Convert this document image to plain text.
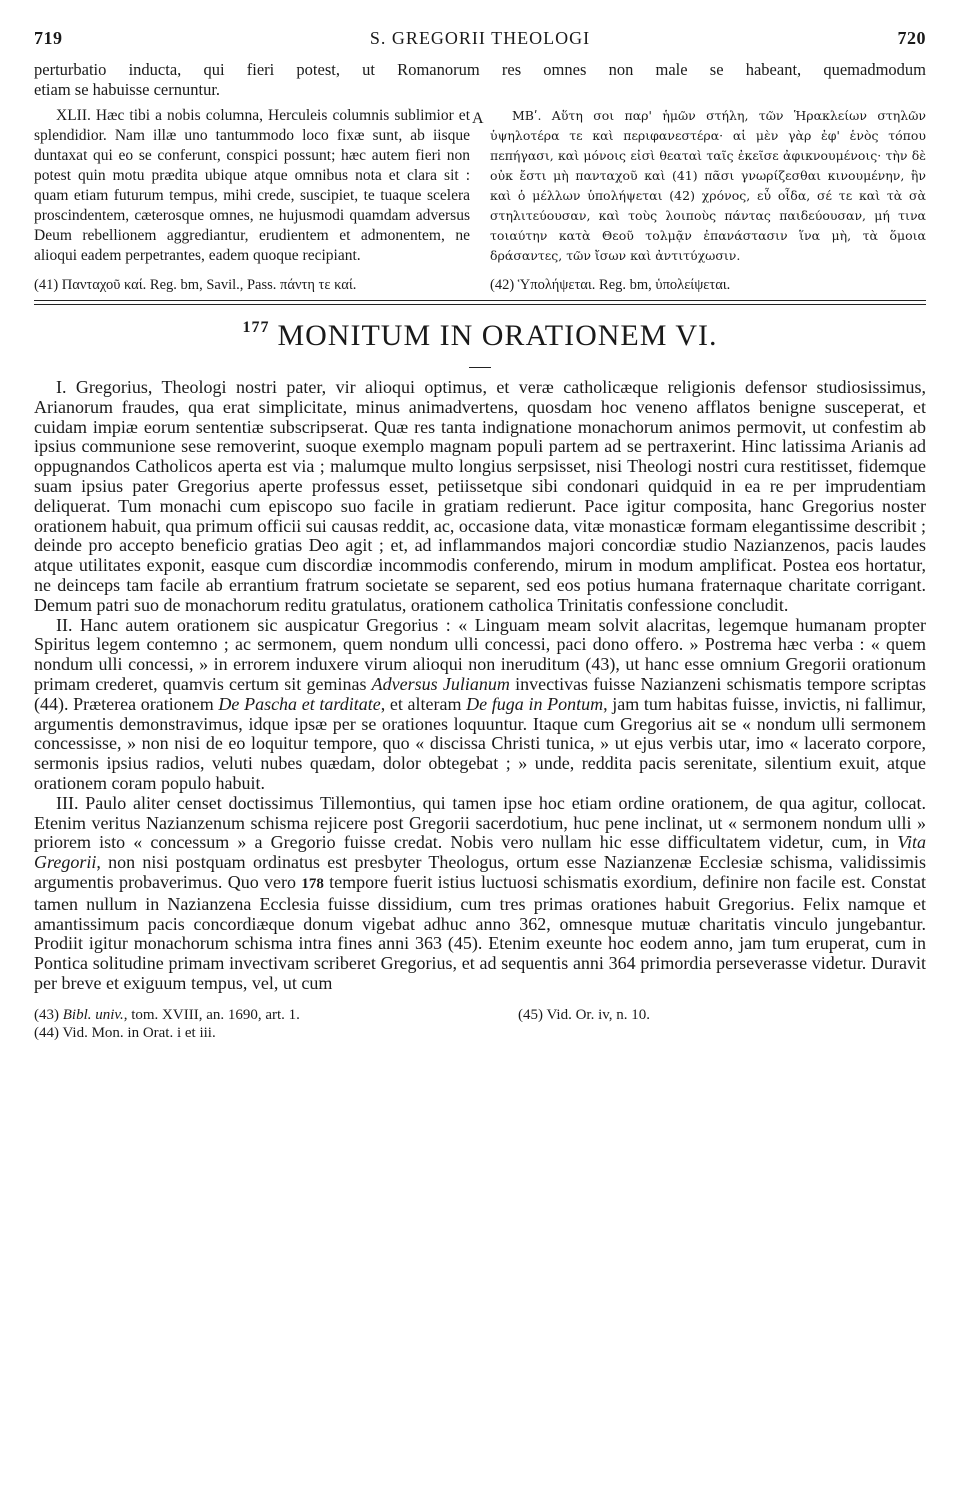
719	S. GREGORII THEOLOGI	720
perturbatio inducta, qui fieri potest, ut Romanorum res omnes non male se habeant, quemadmodum
etiam se habuisse cernuntur.

XLII. Hæc tibi a nobis columna, Herculeis columnis sublimior et splendidior. Nam illæ uno tantummodo loco fixæ sunt, ab iisque duntaxat qui eo se conferunt, conspici possunt; hæc autem fieri non potest quin motu prædita ubique atque omnibus nota et clara sit : quam etiam futurum tempus, mihi crede, suscipiet, te tuaque scelera proscindentem, cæterosque omnes, ne hujusmodi quamdam adversus Deum rebellionem aggrediantur, erudientem et admonentem, ne alioqui eadem perpetrantes, eadem quoque recipiant.

A	ΜΒʹ. Αὕτη σοι παρ' ἡμῶν στήλη, τῶν Ἡρακλείων στηλῶν ὑψηλοτέρα τε καὶ περιφανεστέρα· αἱ μὲν γὰρ ἐφ' ἑνὸς τόπου πεπήγασι, καὶ μόνοις εἰσὶ θεαταὶ ταῖς ἐκεῖσε ἀφικνουμένοις· τὴν δὲ οὐκ ἔστι μὴ πανταχοῦ καὶ (41) πᾶσι γνωρίζεσθαι κινουμένην, ἣν καὶ ὁ μέλλων ὑπολήψεται (42) χρόνος, εὖ οἶδα, σέ τε καὶ τὰ σὰ στηλιτεύουσαν, καὶ τοὺς λοιποὺς πάντας παιδεύουσαν, μή τινα τοιαύτην κατὰ Θεοῦ τολμᾷν ἐπανάστασιν ἵνα μὴ, τὰ ὅμοια δράσαντες, τῶν ἴσων καὶ ἀντιτύχωσιν.

(41) Πανταχοῦ καί. Reg. bm, Savil., Pass. πάντη τε καί.	(42) Ὑπολήψεται. Reg. bm, ὑπολείψεται.
$^{177}$ MONITUM IN ORATIONEM VI.

I. Gregorius, Theologi nostri pater, vir alioqui optimus, et veræ catholicæque religionis defensor studiosissimus, Arianorum fraudes, qua erat simplicitate, minus animadvertens, quosdam hoc veneno afflatos benigne susceperat, et cuidam impiæ eorum sententiæ subscripserat. Quæ res tanta indignatione monachorum animos permovit, ut confestim ab ipsius communione sese removerint, suoque exemplo magnam populi partem ad se pertraxerint. Hinc latissima Arianis ad oppugnandos Catholicos aperta est via ; malumque multo longius serpsisset, nisi Theologi nostri cura restitisset, fidemque suam ipsius pater Gregorius aperte professus esset, petiissetque sibi condonari quidquid in ea re per imprudentiam deliquerat. Tum monachi cum episcopo suo facile in gratiam redierunt. Pace igitur composita, hanc Gregorius noster orationem habuit, qua primum officii sui causas reddit, ac, occasione data, vitæ monasticæ formam elegantissime describit ; deinde pro accepto beneficio gratias Deo agit ; et, ad inflammandos majori concordiæ studio Nazianzenos, pacis laudes atque utilitates exponit, easque cum discordiæ incommodis conferendo, mirum in modum amplificat. Postea eos hortatur, ne deinceps tam facile ab errantium fratrum societate se separent, sed eos potius humana fraternaque charitate corrigant. Demum patri suo de monachorum reditu gratulatus, orationem catholica Trinitatis confessione concludit.

II. Hanc autem orationem sic auspicatur Gregorius : « Linguam meam solvit alacritas, legemque humanam propter Spiritus legem contemno ; ac sermonem, quem nondum ulli concessi, paci dono offero. » Postrema hæc verba : « quem nondum ulli concessi, » in errorem induxere virum alioqui non ineruditum (43), ut hanc esse omnium Gregorii orationum primam crederet, quamvis certum sit geminas Adversus Julianum invectivas fuisse Nazianzeni schismatis tempore scriptas (44). Præterea orationem De Pascha et tarditate, et alteram De fuga in Pontum, jam tum habitas fuisse, invictis, ni fallimur, argumentis demonstravimus, idque ipsæ per se orationes loquuntur. Itaque cum Gregorius ait se « nondum ulli sermonem concessisse, » non nisi de eo loquitur tempore, quo « discissa Christi tunica, » ut ejus verbis utar, imo « lacerato corpore, sermonis ipsius radios, veluti nubes quædam, dolor obtegebat ; » unde, reddita pacis serenitate, silentium exuit, atque orationem coram populo habuit.

III. Paulo aliter censet doctissimus Tillemontius, qui tamen ipse hoc etiam ordine orationem, de qua agitur, collocat. Etenim veritus Nazianzenum schisma rejicere post Gregorii sacerdotium, huc pene inclinat, ut « sermonem nondum ulli » priorem isto « concessum » a Gregorio fuisse credat. Nobis vero nullam hic esse difficultatem videtur, cum, in Vita Gregorii, non nisi postquam ordinatus est presbyter Theologus, ortum esse Nazianzenæ Ecclesiæ schisma, validissimis argumentis probaverimus. Quo vero 178 tempore fuerit istius luctuosi schismatis exordium, definire non facile est. Constat tamen nullum in Nazianzena Ecclesia fuisse dissidium, cum tres primas orationes habuit Gregorius. Felix namque et amantissimum pacis concordiæque donum vigebat adhuc anno 362, omnesque mutuæ charitatis vinculo jungebantur. Prodiit igitur monachorum schisma intra fines anni 363 (45). Etenim exeunte hoc eodem anno, jam tum eruperat, cum in Pontica solitudine primam invectivam scriberet Gregorius, et ad sequentis anni 364 primordia perseverasse videtur. Duravit per breve et exiguum tempus, vel, ut cum

(43) Bibl. univ., tom. XVIII, an. 1690, art. 1.	(45) Vid. Or. iv, n. 10.
(44) Vid. Mon. in Orat. i et iii.
